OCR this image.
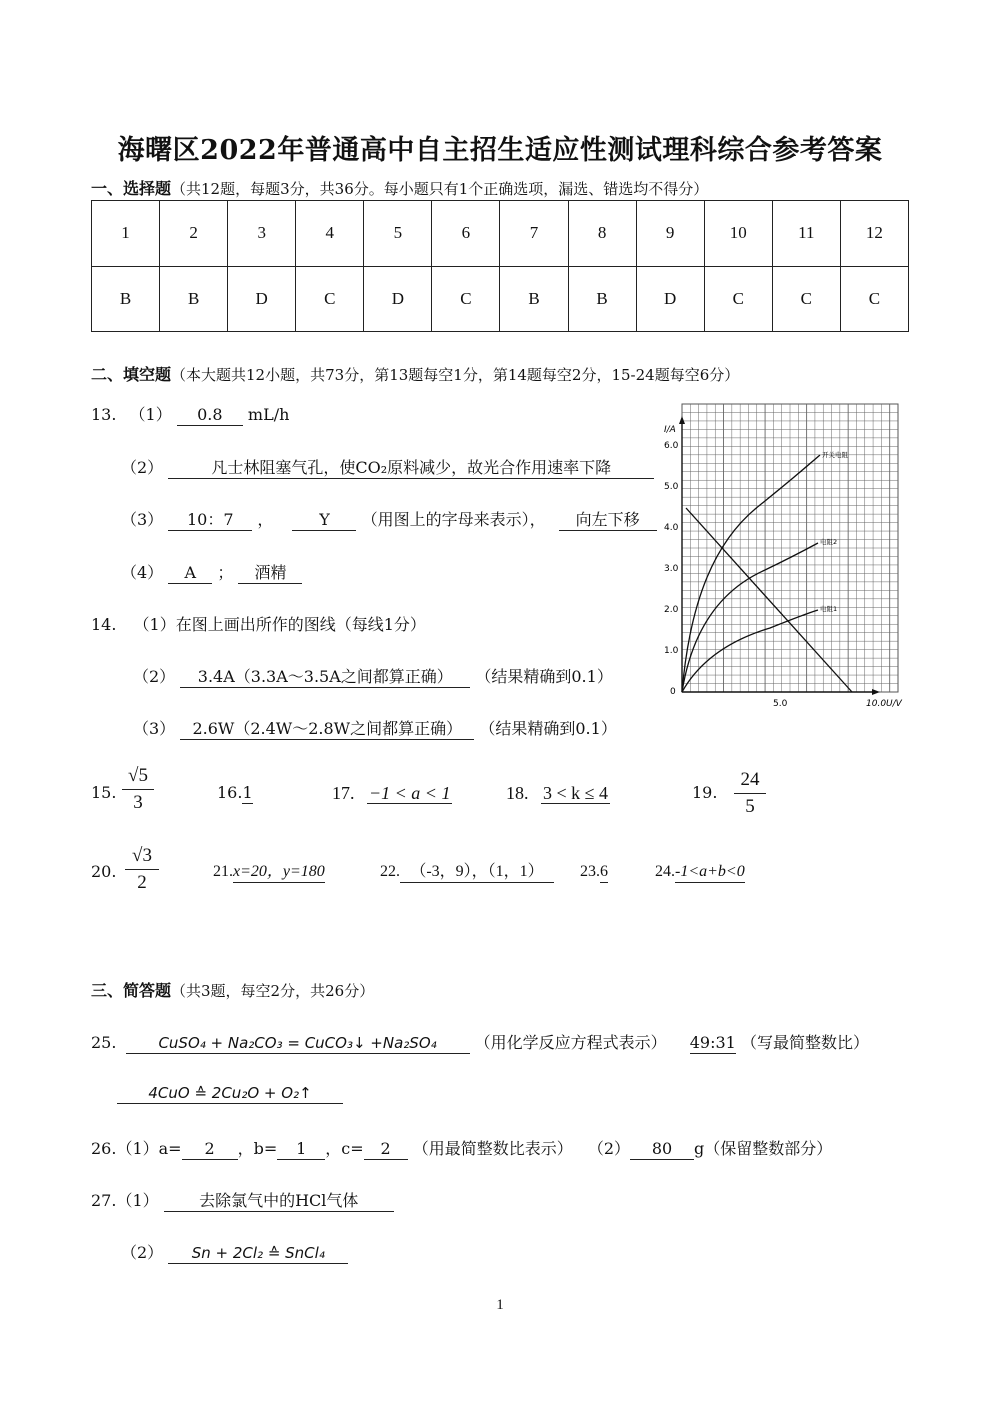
海曙区2022年普通高中自主招生适应性测试理科综合参考答案
一、选择题（共12题，每题3分，共36分。每小题只有1个正确选项，漏选、错选均不得分）
1	2	3	4	5	6	7	8	9	10	11	12
B	B	D	C	D	C	B	B	D	C	C	C
二、填空题（本大题共12小题，共73分，第13题每空1分，第14题每空2分，15-24题每空6分）
13. （1） 0.8 mL/h
（2）	凡士林阻塞气孔，使CO₂原料减少，故光合作用速率下降
（3） 10：7 ，	Y （用图上的字母来表示）， 向左下移
（4） A ； 酒精
14. （1）在图上画出所作的图线（每线1分）
（2） 3.4A（3.3A～3.5A之间都算正确） （结果精确到0.1）
（3） 2.6W（2.4W～2.8W之间都算正确） （结果精确到0.1）
I/A
10.0U/V
5.0
0
1.0
2.0
3.0
4.0
5.0
6.0
开关电阻
电阻2
电阻1
15. $\frac{√5}{3}$	16.1	17. −1 < a < 1	18. 3 < k ≤ 4	19. $\frac{24}{5}$
20. $\frac{√3}{2}$	21.x=20，y=180	22. （-3，9），（1，1）	23.6	24.-1<a+b<0
三、简答题（共3题，每空2分，共26分）
25.	CuSO₄ + Na₂CO₃ = CuCO₃↓ +Na₂SO₄ （用化学反应方程式表示） 49:31 （写最简整数比）
4CuO ≙ 2Cu₂O + O₂↑
26.（1）a= 2 ，b= 1 ，c= 2 （用最简整数比表示） （2） 80 g（保留整数部分）
27.（1）	去除氯气中的HCl气体
（2） Sn + 2Cl₂ ≙ SnCl₄
1
